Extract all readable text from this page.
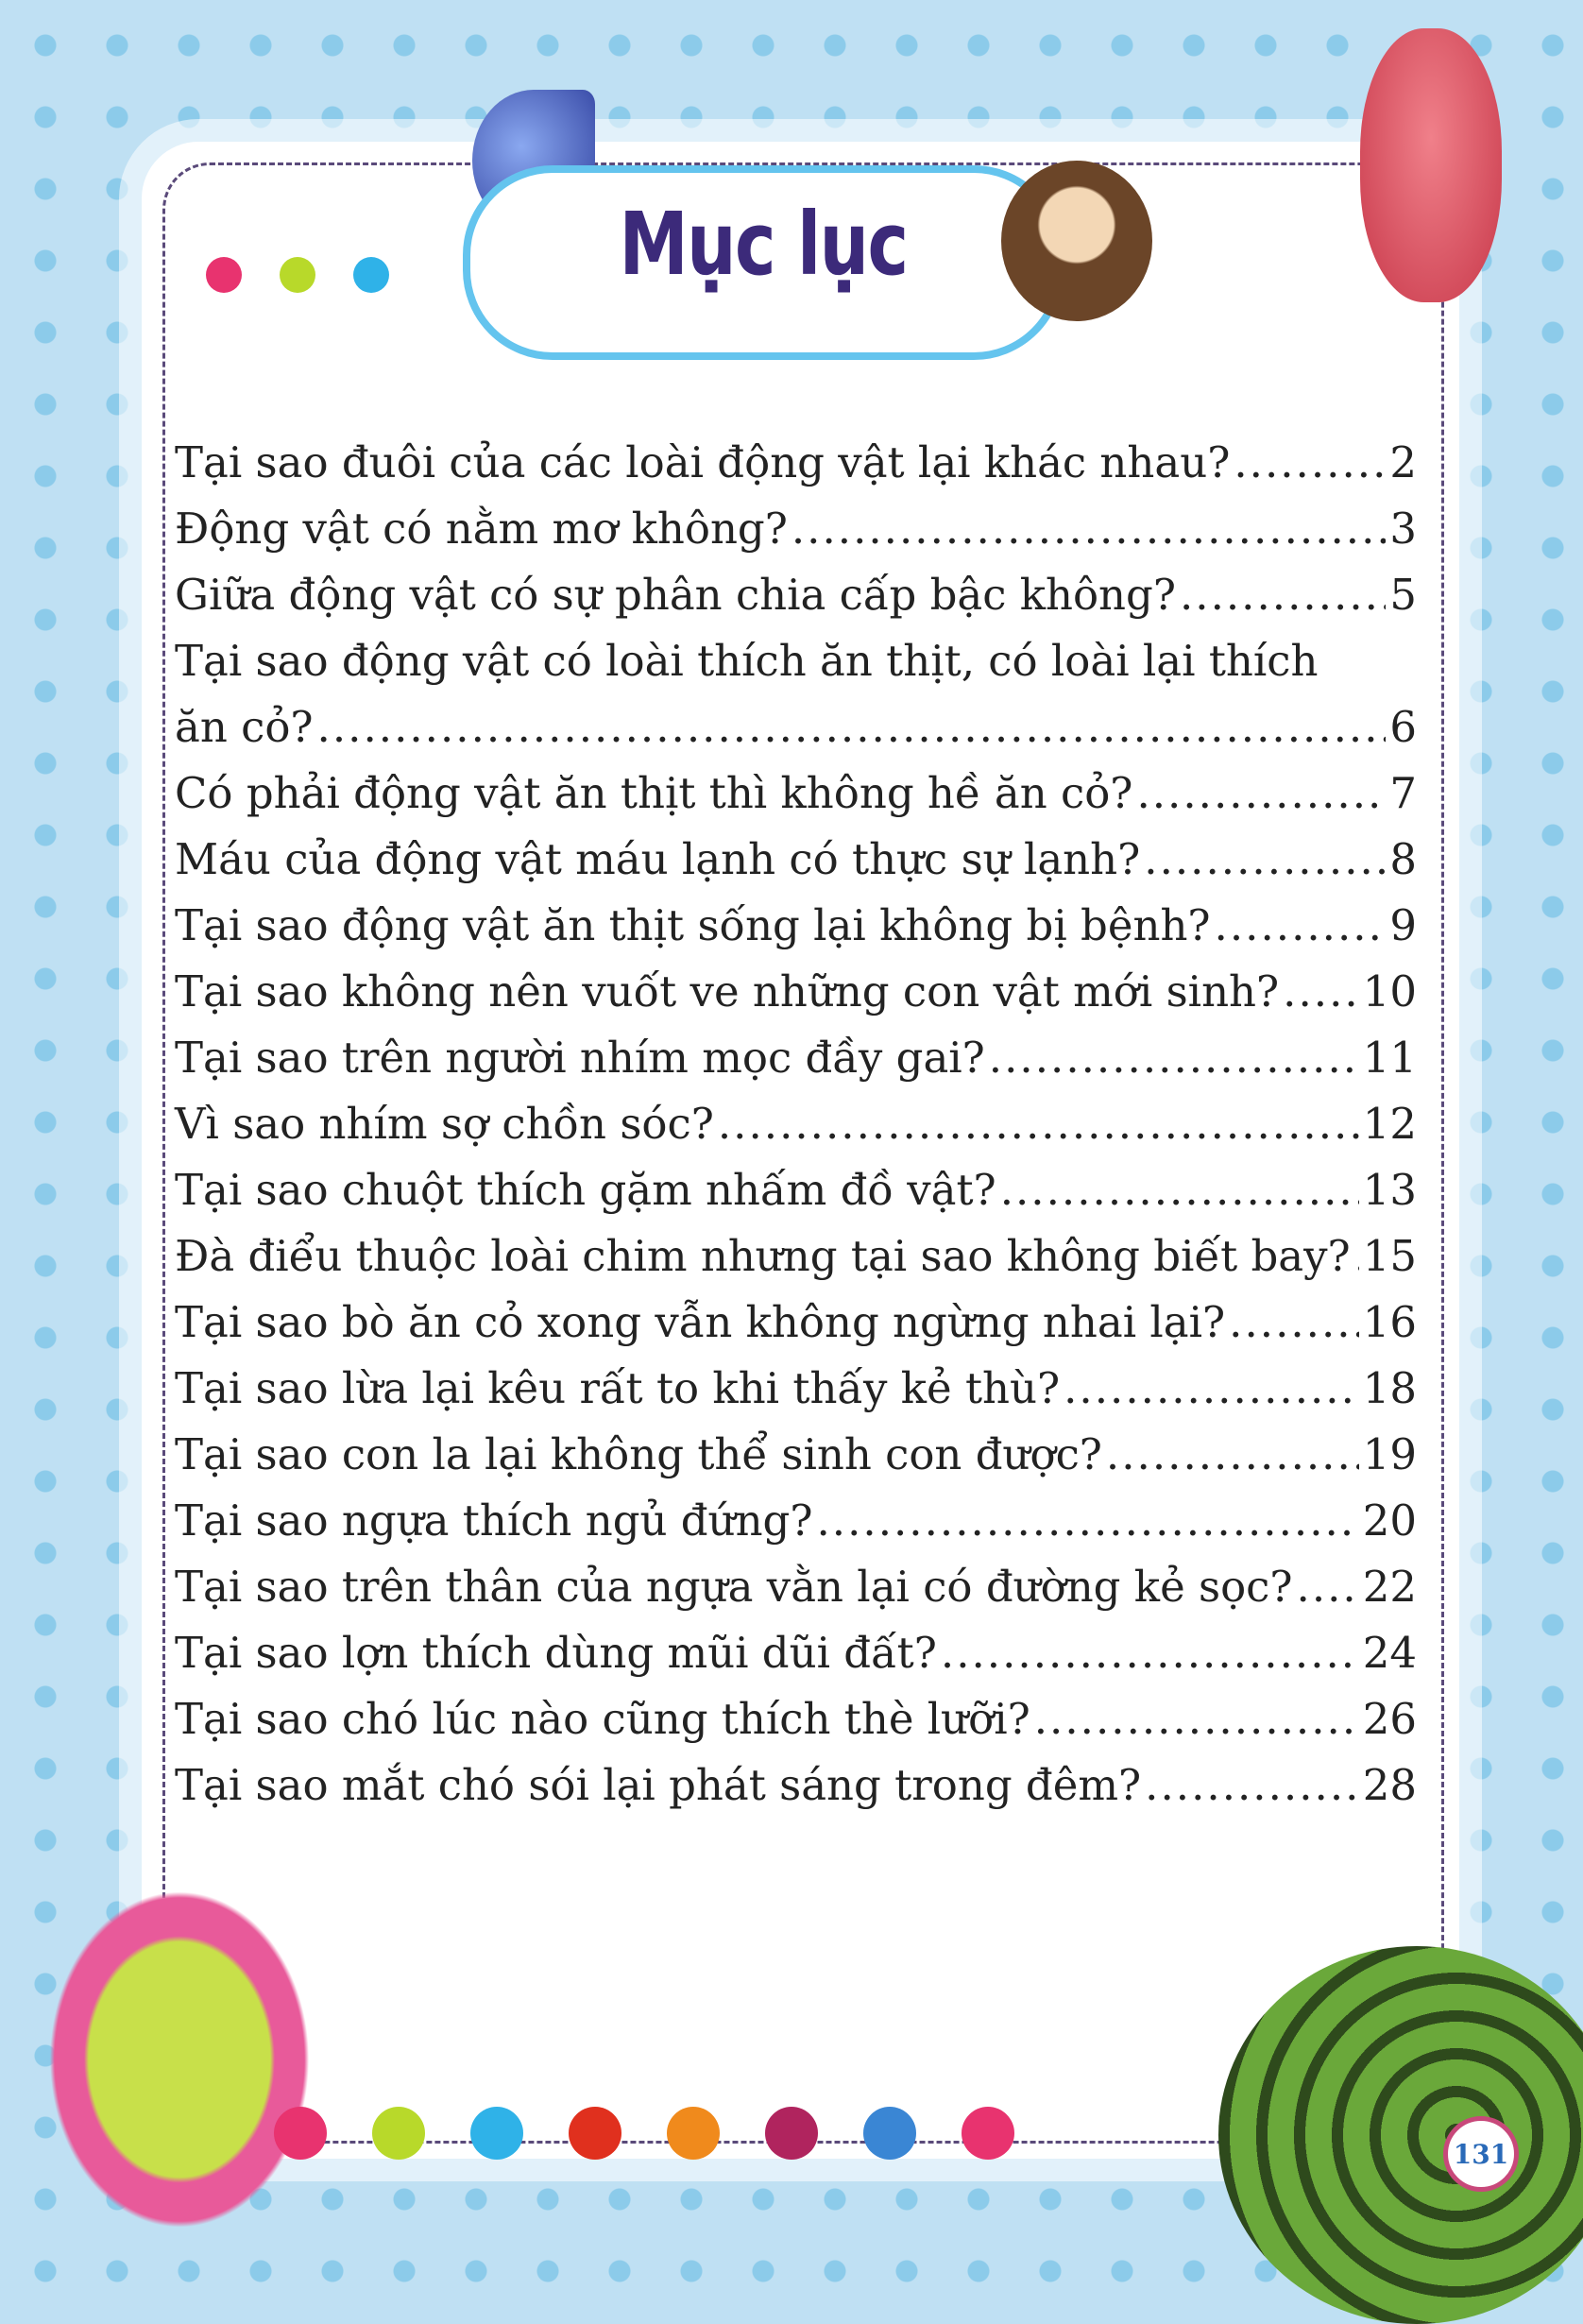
Mục lục
Tại sao đuôi của các loài động vật lại khác nhau? .....	2
Động vật có nằm mơ không? .....	3
Giữa động vật có sự phân chia cấp bậc không? .....	5
Tại sao động vật có loài thích ăn thịt, có loài lại thích
ăn cỏ? .....	6
Có phải động vật ăn thịt thì không hề ăn cỏ? .....	7
Máu của động vật máu lạnh có thực sự lạnh? .....	8
Tại sao động vật ăn thịt sống lại không bị bệnh? .....	9
Tại sao không nên vuốt ve những con vật mới sinh? ..... 10
Tại sao trên người nhím mọc đầy gai? .....	11
Vì sao nhím sợ chồn sóc? .....	12
Tại sao chuột thích gặm nhấm đồ vật? .....	13
Đà điểu thuộc loài chim nhưng tại sao không biết bay? ..... 15
Tại sao bò ăn cỏ xong vẫn không ngừng nhai lại? .....	16
Tại sao lừa lại kêu rất to khi thấy kẻ thù? .....	18
Tại sao con la lại không thể sinh con được? .....	19
Tại sao ngựa thích ngủ đứng? .....	20
Tại sao trên thân của ngựa vằn lại có đường kẻ sọc? ..... 22
Tại sao lợn thích dùng mũi dũi đất? .....	24
Tại sao chó lúc nào cũng thích thè lưỡi? .....	26
Tại sao mắt chó sói lại phát sáng trong đêm? .....	28
131
